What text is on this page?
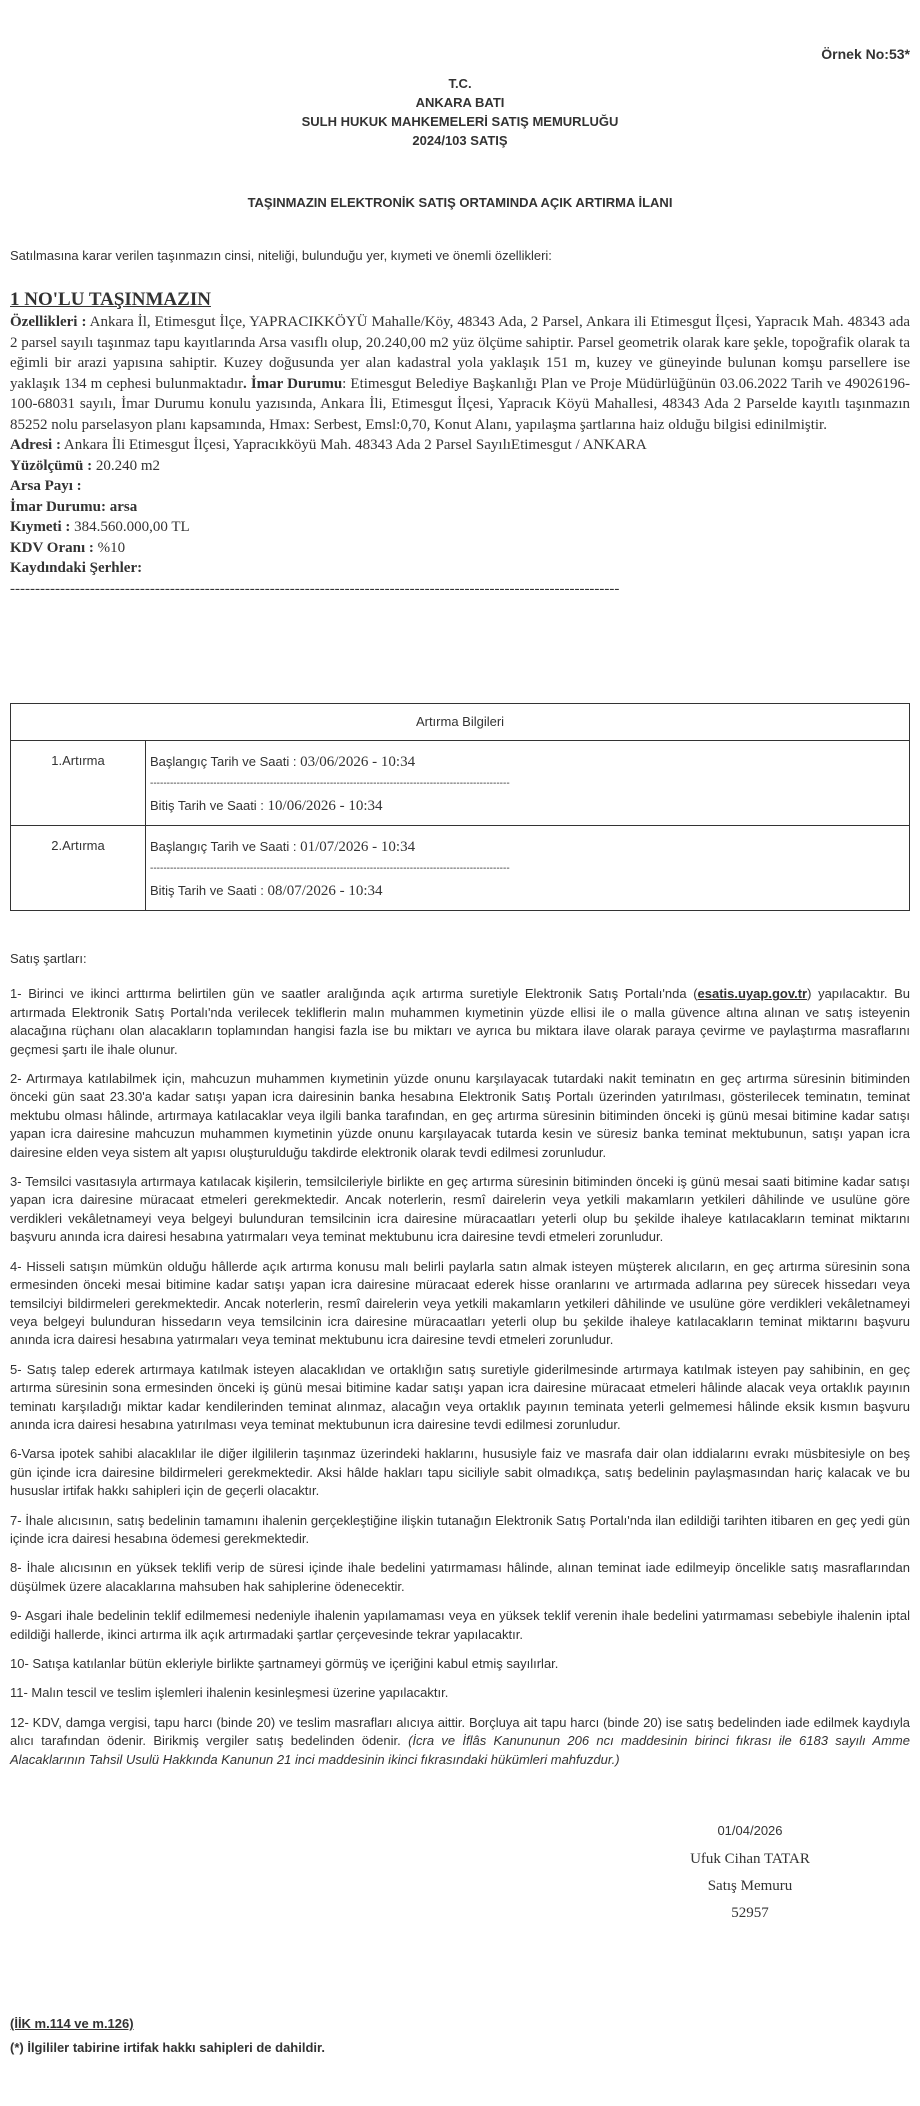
Örnek No:53*
T.C.
ANKARA BATI
SULH HUKUK MAHKEMELERİ SATIŞ MEMURLUĞU
2024/103 SATIŞ
TAŞINMAZIN ELEKTRONİK SATIŞ ORTAMINDA AÇIK ARTIRMA İLANI
Satılmasına karar verilen taşınmazın cinsi, niteliği, bulunduğu yer, kıymeti ve önemli özellikleri:
1 NO'LU TAŞINMAZIN

Özellikleri : Ankara İl, Etimesgut İlçe, YAPRACIKKÖYÜ Mahalle/Köy, 48343 Ada, 2 Parsel, Ankara ili Etimesgut İlçesi, Yapracık Mah. 48343 ada 2 parsel sayılı taşınmaz tapu kayıtlarında Arsa vasıflı olup, 20.240,00 m2 yüz ölçüme sahiptir. Parsel geometrik olarak kare şekle, topoğrafik olarak ta eğimli bir arazi yapısına sahiptir. Kuzey doğusunda yer alan kadastral yola yaklaşık 151 m, kuzey ve güneyinde bulunan komşu parsellere ise yaklaşık 134 m cephesi bulunmaktadır. İmar Durumu: Etimesgut Belediye Başkanlığı Plan ve Proje Müdürlüğünün 03.06.2022 Tarih ve 49026196- 100-68031 sayılı, İmar Durumu konulu yazısında, Ankara İli, Etimesgut İlçesi, Yapracık Köyü Mahallesi, 48343 Ada 2 Parselde kayıtlı taşınmazın 85252 nolu parselasyon planı kapsamında, Hmax: Serbest, Emsl:0,70, Konut Alanı, yapılaşma şartlarına haiz olduğu bilgisi edinilmiştir.

Adresi : Ankara İli Etimesgut İlçesi, Yapracıkköyü Mah. 48343 Ada 2 Parsel SayılıEtimesgut / ANKARA

Yüzölçümü : 20.240 m2

Arsa Payı :

İmar Durumu: arsa

Kıymeti : 384.560.000,00 TL

KDV Oranı : %10

Kaydındaki Şerhler:

--------------------------------------------------------------------------------------------------------------------------

Artırma Bilgileri	
1.Artırma	Başlangıç Tarih ve Saati : 03/06/2026 - 10:34
------------------------------------------------------------------------------------------------------------
Bitiş Tarih ve Saati : 10/06/2026 - 10:34

2.Artırma	Başlangıç Tarih ve Saati : 01/07/2026 - 10:34
------------------------------------------------------------------------------------------------------------
Bitiş Tarih ve Saati : 08/07/2026 - 10:34

Satış şartları:

1- Birinci ve ikinci arttırma belirtilen gün ve saatler aralığında açık artırma suretiyle Elektronik Satış Portalı'nda (esatis.uyap.gov.tr) yapılacaktır. Bu artırmada Elektronik Satış Portalı'nda verilecek tekliflerin malın muhammen kıymetinin yüzde ellisi ile o malla güvence altına alınan ve satış isteyenin alacağına rüçhanı olan alacakların toplamından hangisi fazla ise bu miktarı ve ayrıca bu miktara ilave olarak paraya çevirme ve paylaştırma masraflarını geçmesi şartı ile ihale olunur.

2- Artırmaya katılabilmek için, mahcuzun muhammen kıymetinin yüzde onunu karşılayacak tutardaki nakit teminatın en geç artırma süresinin bitiminden önceki gün saat 23.30'a kadar satışı yapan icra dairesinin banka hesabına Elektronik Satış Portalı üzerinden yatırılması, gösterilecek teminatın, teminat mektubu olması hâlinde, artırmaya katılacaklar veya ilgili banka tarafından, en geç artırma süresinin bitiminden önceki iş günü mesai bitimine kadar satışı yapan icra dairesine mahcuzun muhammen kıymetinin yüzde onunu karşılayacak tutarda kesin ve süresiz banka teminat mektubunun, satışı yapan icra dairesine elden veya sistem alt yapısı oluşturulduğu takdirde elektronik olarak tevdi edilmesi zorunludur.

3- Temsilci vasıtasıyla artırmaya katılacak kişilerin, temsilcileriyle birlikte en geç artırma süresinin bitiminden önceki iş günü mesai saati bitimine kadar satışı yapan icra dairesine müracaat etmeleri gerekmektedir. Ancak noterlerin, resmî dairelerin veya yetkili makamların yetkileri dâhilinde ve usulüne göre verdikleri vekâletnameyi veya belgeyi bulunduran temsilcinin icra dairesine müracaatları yeterli olup bu şekilde ihaleye katılacakların teminat miktarını başvuru anında icra dairesi hesabına yatırmaları veya teminat mektubunu icra dairesine tevdi etmeleri zorunludur.

4- Hisseli satışın mümkün olduğu hâllerde açık artırma konusu malı belirli paylarla satın almak isteyen müşterek alıcıların, en geç artırma süresinin sona ermesinden önceki mesai bitimine kadar satışı yapan icra dairesine müracaat ederek hisse oranlarını ve artırmada adlarına pey sürecek hissedarı veya temsilciyi bildirmeleri gerekmektedir. Ancak noterlerin, resmî dairelerin veya yetkili makamların yetkileri dâhilinde ve usulüne göre verdikleri vekâletnameyi veya belgeyi bulunduran hissedarın veya temsilcinin icra dairesine müracaatları yeterli olup bu şekilde ihaleye katılacakların teminat miktarını başvuru anında icra dairesi hesabına yatırmaları veya teminat mektubunu icra dairesine tevdi etmeleri zorunludur.

5- Satış talep ederek artırmaya katılmak isteyen alacaklıdan ve ortaklığın satış suretiyle giderilmesinde artırmaya katılmak isteyen pay sahibinin, en geç artırma süresinin sona ermesinden önceki iş günü mesai bitimine kadar satışı yapan icra dairesine müracaat etmeleri hâlinde alacak veya ortaklık payının teminatı karşıladığı miktar kadar kendilerinden teminat alınmaz, alacağın veya ortaklık payının teminata yeterli gelmemesi hâlinde eksik kısmın başvuru anında icra dairesi hesabına yatırılması veya teminat mektubunun icra dairesine tevdi edilmesi zorunludur.

6-Varsa ipotek sahibi alacaklılar ile diğer ilgililerin taşınmaz üzerindeki haklarını, hususiyle faiz ve masrafa dair olan iddialarını evrakı müsbitesiyle on beş gün içinde icra dairesine bildirmeleri gerekmektedir. Aksi hâlde hakları tapu siciliyle sabit olmadıkça, satış bedelinin paylaşmasından hariç kalacak ve bu hususlar irtifak hakkı sahipleri için de geçerli olacaktır.

7- İhale alıcısının, satış bedelinin tamamını ihalenin gerçekleştiğine ilişkin tutanağın Elektronik Satış Portalı'nda ilan edildiği tarihten itibaren en geç yedi gün içinde icra dairesi hesabına ödemesi gerekmektedir.

8- İhale alıcısının en yüksek teklifi verip de süresi içinde ihale bedelini yatırmaması hâlinde, alınan teminat iade edilmeyip öncelikle satış masraflarından düşülmek üzere alacaklarına mahsuben hak sahiplerine ödenecektir.

9- Asgari ihale bedelinin teklif edilmemesi nedeniyle ihalenin yapılamaması veya en yüksek teklif verenin ihale bedelini yatırmaması sebebiyle ihalenin iptal edildiği hallerde, ikinci artırma ilk açık artırmadaki şartlar çerçevesinde tekrar yapılacaktır.

10- Satışa katılanlar bütün ekleriyle birlikte şartnameyi görmüş ve içeriğini kabul etmiş sayılırlar.

11- Malın tescil ve teslim işlemleri ihalenin kesinleşmesi üzerine yapılacaktır.

12- KDV, damga vergisi, tapu harcı (binde 20) ve teslim masrafları alıcıya aittir. Borçluya ait tapu harcı (binde 20) ise satış bedelinden iade edilmek kaydıyla alıcı tarafından ödenir. Birikmiş vergiler satış bedelinden ödenir. (İcra ve İflâs Kanununun 206 ncı maddesinin birinci fıkrası ile 6183 sayılı Amme Alacaklarının Tahsil Usulü Hakkında Kanunun 21 inci maddesinin ikinci fıkrasındaki hükümleri mahfuzdur.)

01/04/2026
Ufuk Cihan TATAR
Satış Memuru
52957
(İİK m.114 ve m.126)
(*) İlgililer tabirine irtifak hakkı sahipleri de dahildir.
